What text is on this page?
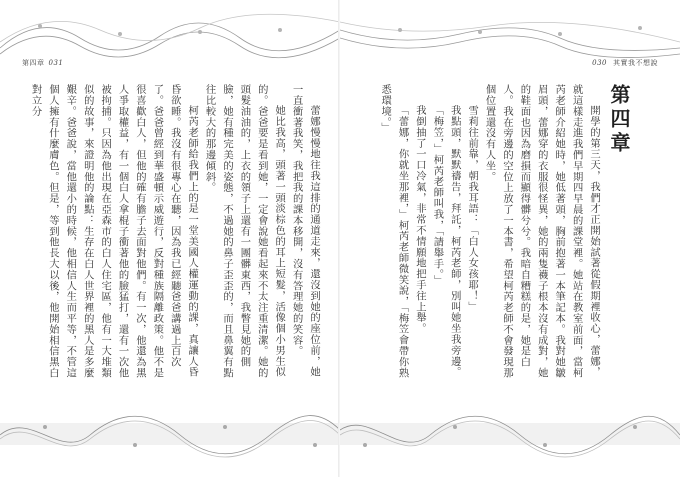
第四章 031

蕾娜慢慢地往我這排的通道走來，還沒到她的座位前，她一直衝著我笑，我把我的課本移開，沒有答理她的笑容。

她比我高，頭著一頭淡棕色的耳上短髮，活像個小男生似的。爸爸要是看到她，一定會說她看起來不太注重清潔。她的頭髮油油的，上衣的領子上還有一團髒東西，我瞥見她的側臉，她有種完美的姿態，不過她的鼻子歪歪的，而且鼻翼有點往比較大的那邊傾斜。

柯芮老師給我們上的是一堂美國人權運動的課，真讓人昏昏欲睡。我沒有很專心在聽，因為我已經聽爸爸講過上百次了。爸爸曾經到華盛頓示威遊行，反對種族隔離政策。他不是很喜歡白人，但他的確有膽子去面對他們。有一次，他還為黑人爭取權益，有一個白人拿棍子衝著他的臉猛打，還有一次他被拘捕。只因為他出現在亞森市的白人住宅區，他有一大堆類似的故事，來證明他的論點：生存在白人世界裡的黑人是多麼艱辛。爸爸說，當他還小的時候，他相信人生而平等，不管這個人擁有什麼膚色。但是，等到他長大以後，他開始相信黑白對立分

030 其實我不想說
第四章

開學的第三天，我們才正開始試著從假期裡收心，蕾娜，就這樣走進我們早期四早晨的課堂裡。她站在教室前面，當柯芮老師介紹她時，她低著頭，胸前抱著一本筆記本。我對她皺眉頭，蕾娜穿的衣服很怪異，她的兩隻襪子根本沒有成對，她的鞋面也因為磨損而顯得髒兮兮。我暗自糟糕的是，她是白人。我在旁邊的空位上放了一本書，希望柯芮老師不會發現那個位置還沒有人坐。

雪莉往前靠，朝我耳語：「白人女孩耶！」

我點頭，默默禱告，拜託，柯芮老師，別叫她坐我旁邊。

「梅笠，」柯芮老師叫我，「請舉手。」

我倒抽了一口冷氣，非常不情願地把手往上舉。

「蕾娜，你就坐那裡，」柯芮老師微笑說，「梅笠會帶你熟悉環境。」
